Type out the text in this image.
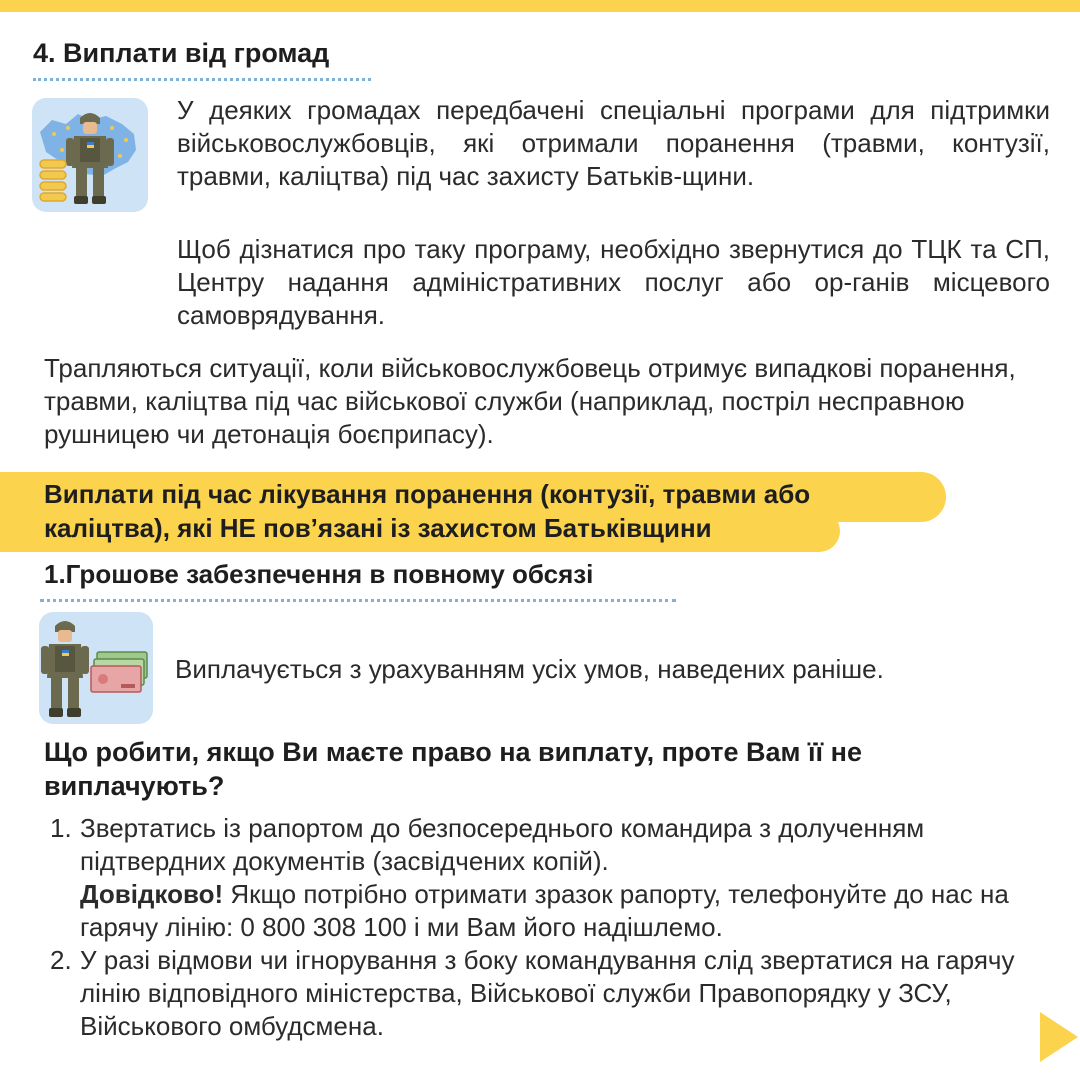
4. Виплати від громад
У деяких громадах передбачені спеціальні програми для підтримки військовослужбовців, які отримали поранення (травми, контузії, травми, каліцтва) під час захисту Батьків-щини.
Щоб дізнатися про таку програму, необхідно звернутися до ТЦК та СП, Центру надання адміністративних послуг або ор-ганів місцевого самоврядування.
Трапляються ситуації, коли військовослужбовець отримує випадкові поранення, травми, каліцтва під час військової служби (наприклад, постріл несправною рушницею чи детонація боєприпасу).
Виплати під час лікування поранення (контузії, травми або
каліцтва), які НЕ пов’язані із захистом Батьківщини
1.Грошове забезпечення в повному обсязі
Виплачується з урахуванням усіх умов, наведених раніше.
Що робити, якщо Ви маєте право на виплату, проте Вам її не виплачують?
1. Звертатись із рапортом до безпосереднього командира з долученням підтвердних документів (засвідчених копій).
Довідково! Якщо потрібно отримати зразок рапорту, телефонуйте до нас на гарячу лінію: 0 800 308 100 і ми Вам його надішлемо.
2. У разі відмови чи ігнорування з боку командування слід звертатися на гарячу лінію відповідного міністерства, Військової служби Правопорядку у ЗСУ, Військового омбудсмена.
